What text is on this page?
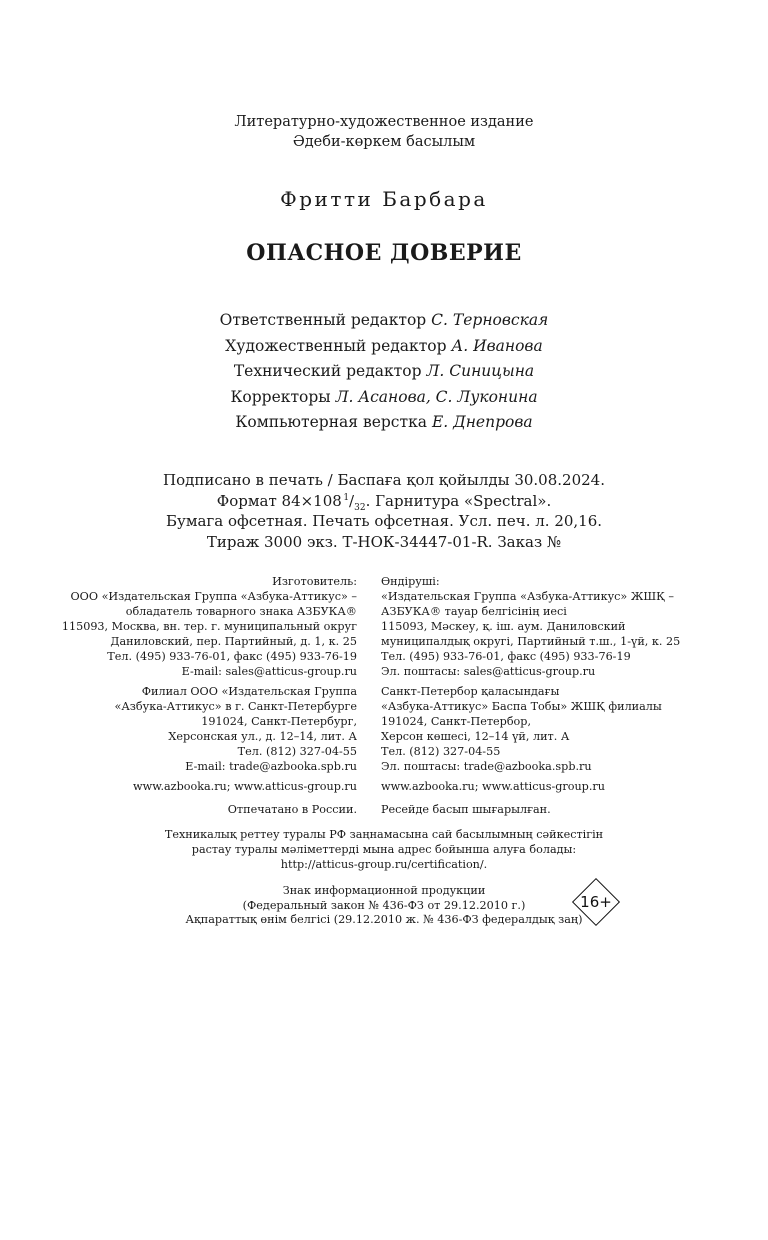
Литературно-художественное издание
Әдеби-көркем басылым
Фритти Барбара
ОПАСНОЕ ДОВЕРИЕ
Ответственный редактор С. Терновская
Художественный редактор А. Иванова
Технический редактор Л. Синицына
Корректоры Л. Асанова, С. Луконина
Компьютерная верстка Е. Днепрова
Подписано в печать / Баспаға қол қойылды 30.08.2024.
Формат 84×108  $^1/_{32}$. Гарнитура «Spectral».
Бумага офсетная. Печать офсетная. Усл. печ. л. 20,16.
Тираж 3000 экз. Т-НОК-34447-01-R. Заказ №
Изготовитель:
ООО «Издательская Группа «Азбука-Аттикус» –
обладатель товарного знака АЗБУКА®
115093, Москва, вн. тер. г. муниципальный округ
Даниловский, пер. Партийный, д. 1, к. 25
Тел. (495) 933-76-01, факс (495) 933-76-19
E-mail: sales@atticus-group.ru
Филиал ООО «Издательская Группа
«Азбука-Аттикус» в г. Санкт-Петербурге
191024, Санкт-Петербург,
Херсонская ул., д. 12–14, лит. А
Тел. (812) 327-04-55
E-mail: trade@azbooka.spb.ru
www.azbooka.ru; www.atticus-group.ru
Отпечатано в России.
Өндіруші:
«Издательская Группа «Азбука-Аттикус» ЖШҚ –
АЗБУКА® тауар белгісінің иесі
115093, Мәскеу, қ. іш. аум. Даниловский
муниципалдық округі, Партийный т.ш., 1-үй, к. 25
Тел. (495) 933-76-01, факс (495) 933-76-19
Эл. поштасы: sales@atticus-group.ru
Санкт-Петербор қаласындағы
«Азбука-Аттикус» Баспа Тобы» ЖШҚ филиалы
191024, Санкт-Петербор,
Херсон көшесі, 12–14 үй, лит. А
Тел. (812) 327-04-55
Эл. поштасы: trade@azbooka.spb.ru
www.azbooka.ru; www.atticus-group.ru
Ресейде басып шығарылған.
Техникалық реттеу туралы РФ заңнамасына сай басылымның сәйкестігін
растау туралы мәліметтерді мына адрес бойынша алуға болады:
http://atticus-group.ru/certification/.
Знак информационной продукции
(Федеральный закон № 436-ФЗ от 29.12.2010 г.)
Ақпараттық өнім белгісі (29.12.2010 ж. № 436-ФЗ федералдық заң)
16+
